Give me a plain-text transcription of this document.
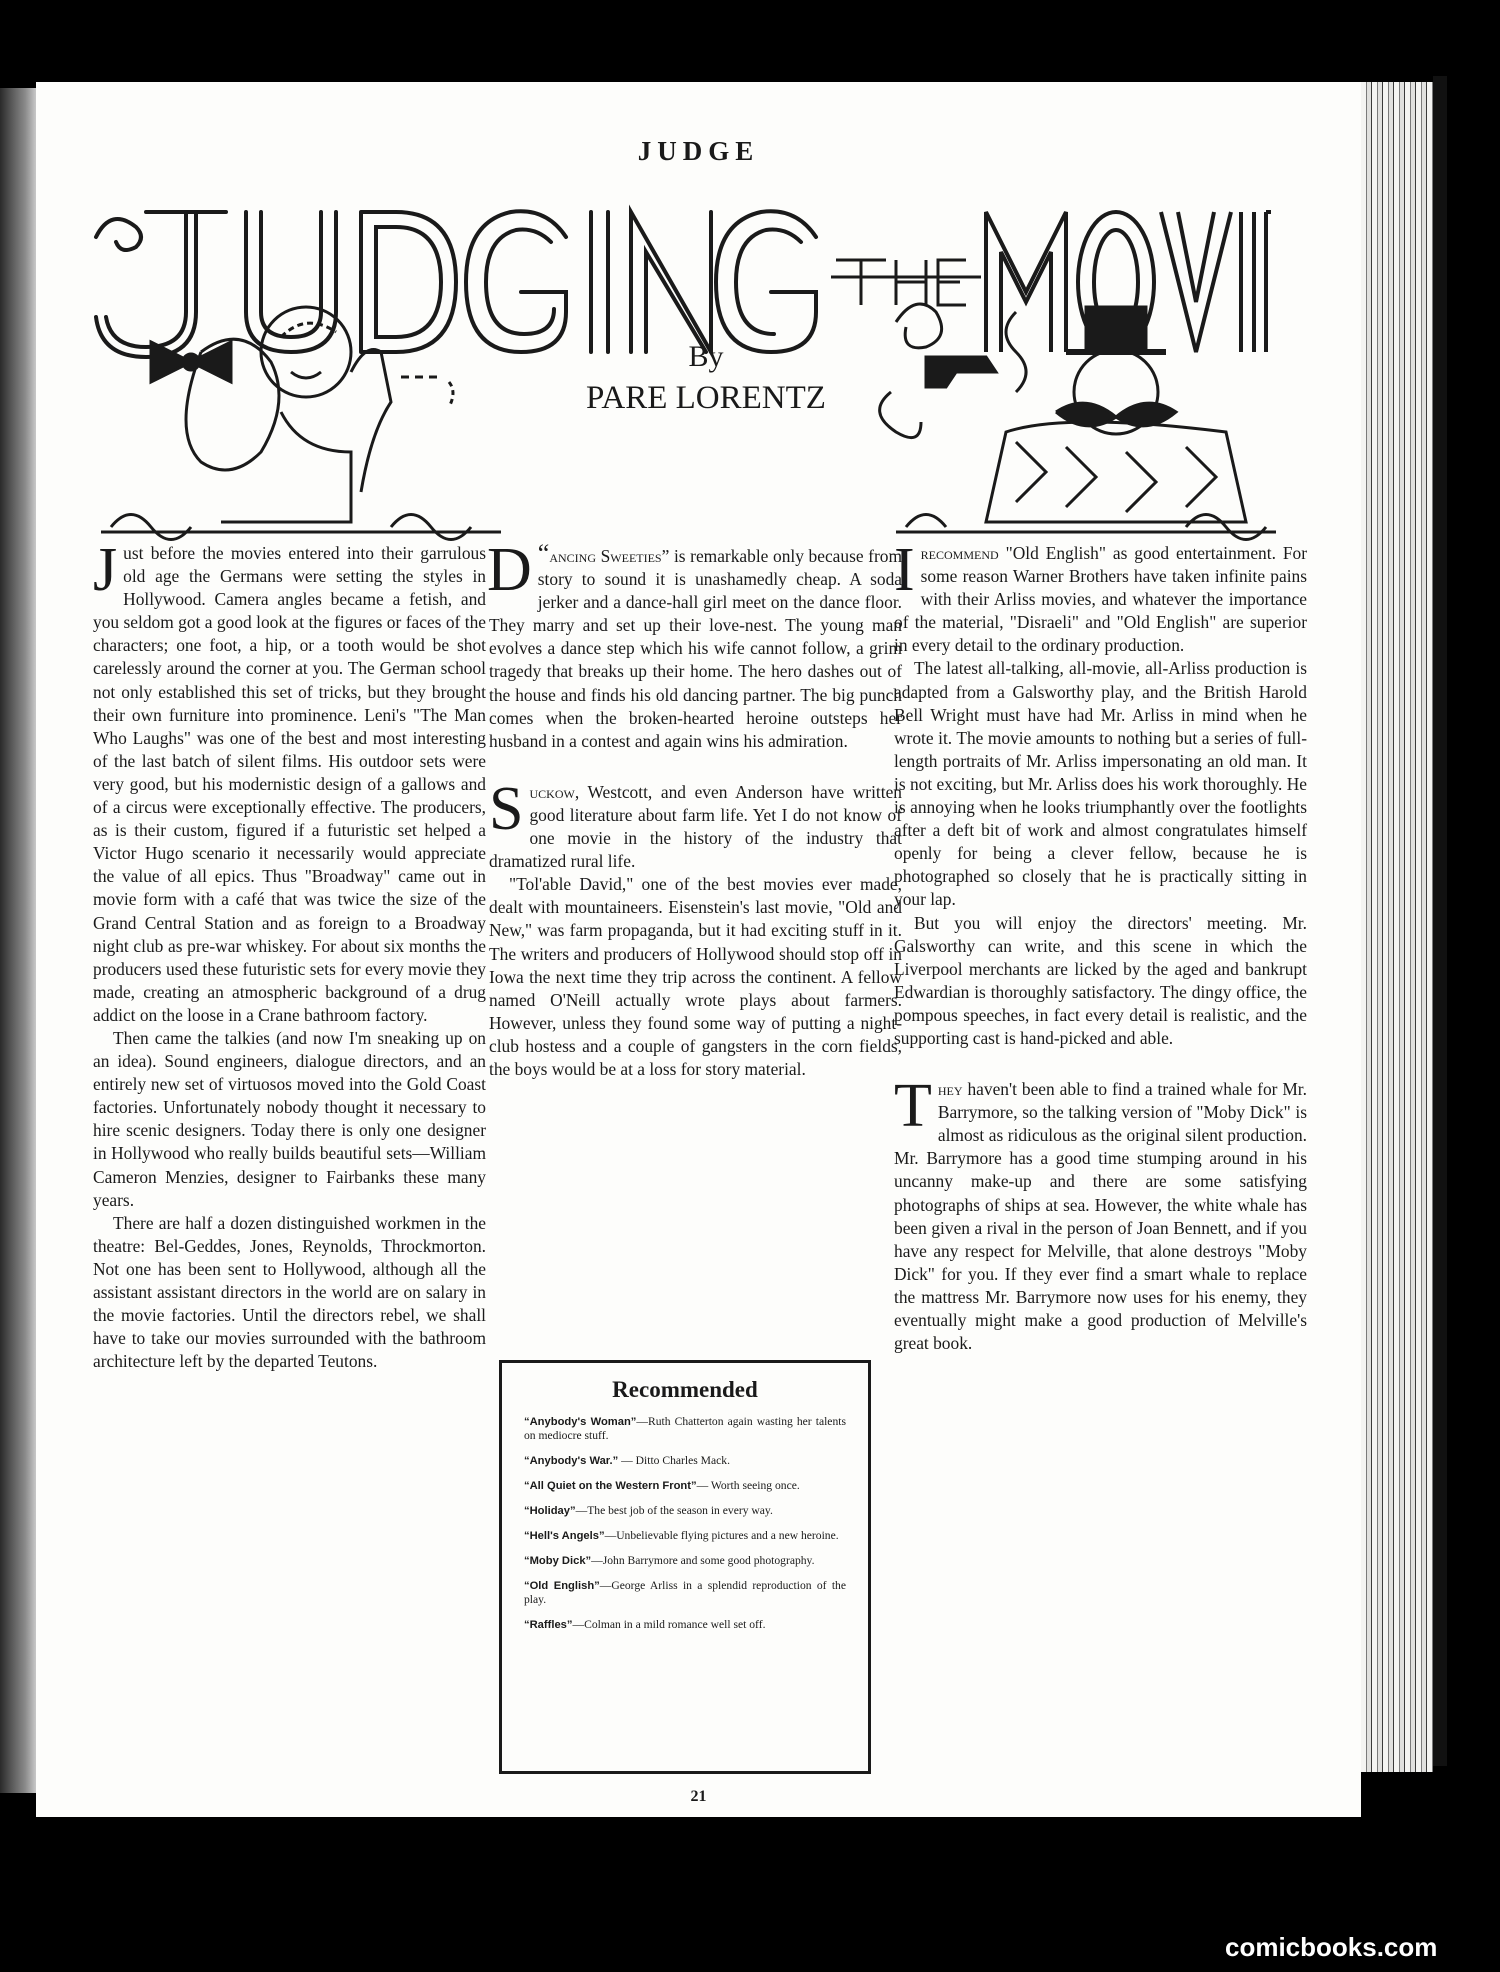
JUDGE
By
PARE LORENTZ

Just before the movies entered into their garrulous old age the Germans were setting the styles in Hollywood. Camera angles became a fetish, and you seldom got a good look at the figures or faces of the characters; one foot, a hip, or a tooth would be shot carelessly around the corner at you. The German school not only established this set of tricks, but they brought their own furniture into prominence. Leni's "The Man Who Laughs" was one of the best and most interesting of the last batch of silent films. His outdoor sets were very good, but his modernistic design of a gallows and of a circus were exceptionally effective. The producers, as is their custom, figured if a futuristic set helped a Victor Hugo scenario it necessarily would appreciate the value of all epics. Thus "Broadway" came out in movie form with a café that was twice the size of the Grand Central Station and as foreign to a Broadway night club as pre-war whiskey. For about six months the producers used these futuristic sets for every movie they made, creating an atmospheric background of a drug addict on the loose in a Crane bathroom factory.

Then came the talkies (and now I'm sneaking up on an idea). Sound engineers, dialogue directors, and an entirely new set of virtuosos moved into the Gold Coast factories. Unfortunately nobody thought it necessary to hire scenic designers. Today there is only one designer in Hollywood who really builds beautiful sets—William Cameron Menzies, designer to Fairbanks these many years.

There are half a dozen distinguished workmen in the theatre: Bel-Geddes, Jones, Reynolds, Throckmorton. Not one has been sent to Hollywood, although all the assistant assistant directors in the world are on salary in the movie factories. Until the directors rebel, we shall have to take our movies surrounded with the bathroom architecture left by the departed Teutons.

“
D ancing Sweeties” is remarkable only because from story to sound it is unashamedly cheap. A soda jerker and a dance-hall girl meet on the dance floor. They marry and set up their love-nest. The young man evolves a dance step which his wife cannot follow, a grim tragedy that breaks up their home. The hero dashes out of the house and finds his old dancing partner. The big punch comes when the broken-hearted heroine outsteps her husband in a contest and again wins his admiration.

Suckow, Westcott, and even Anderson have written good literature about farm life. Yet I do not know of one movie in the history of the industry that dramatized rural life.

"Tol'able David," one of the best movies ever made, dealt with mountaineers. Eisenstein's last movie, "Old and New," was farm propaganda, but it had exciting stuff in it. The writers and producers of Hollywood should stop off in Iowa the next time they trip across the continent. A fellow named O'Neill actually wrote plays about farmers. However, unless they found some way of putting a night-club hostess and a couple of gangsters in the corn fields, the boys would be at a loss for story material.

Irecommend "Old English" as good entertainment. For some reason Warner Brothers have taken infinite pains with their Arliss movies, and whatever the importance of the material, "Disraeli" and "Old English" are superior in every detail to the ordinary production.

The latest all-talking, all-movie, all-Arliss production is adapted from a Galsworthy play, and the British Harold Bell Wright must have had Mr. Arliss in mind when he wrote it. The movie amounts to nothing but a series of full-length portraits of Mr. Arliss impersonating an old man. It is not exciting, but Mr. Arliss does his work thoroughly. He is annoying when he looks triumphantly over the footlights after a deft bit of work and almost congratulates himself openly for being a clever fellow, because he is photographed so closely that he is practically sitting in your lap.

But you will enjoy the directors' meeting. Mr. Galsworthy can write, and this scene in which the Liverpool merchants are licked by the aged and bankrupt Edwardian is thoroughly satisfactory. The dingy office, the pompous speeches, in fact every detail is realistic, and the supporting cast is hand-picked and able.

They haven't been able to find a trained whale for Mr. Barrymore, so the talking version of "Moby Dick" is almost as ridiculous as the original silent production. Mr. Barrymore has a good time stumping around in his uncanny make-up and there are some satisfying photographs of ships at sea. However, the white whale has been given a rival in the person of Joan Bennett, and if you have any respect for Melville, that alone destroys "Moby Dick" for you. If they ever find a smart whale to replace the mattress Mr. Barrymore now uses for his enemy, they eventually might make a good production of Melville's great book.

Recommended
“Anybody's Woman”—Ruth Chatterton again wasting her talents on mediocre stuff.
“Anybody's War.” — Ditto Charles Mack.
“All Quiet on the Western Front”— Worth seeing once.
“Holiday”—The best job of the season in every way.
“Hell's Angels”—Unbelievable flying pictures and a new heroine.
“Moby Dick”—John Barrymore and some good photography.
“Old English”—George Arliss in a splendid reproduction of the play.
“Raffles”—Colman in a mild romance well set off.
21
comicbooks.com
